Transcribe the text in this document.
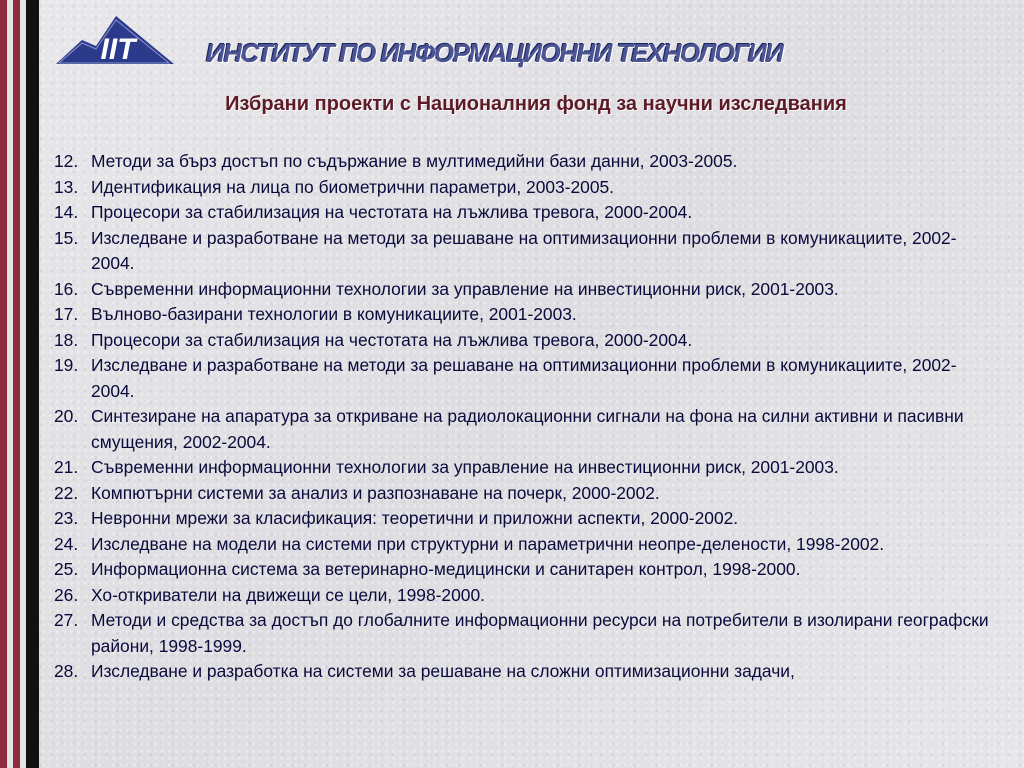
IIT	ИНСТИТУТ ПО ИНФОРМАЦИОННИ ТЕХНОЛОГИИ
Избрани проекти с Националния фонд за научни изследвания
12. Методи за бърз достъп по съдържание в мултимедийни бази данни, 2003-2005.
13. Идентификация на лица по биометрични параметри, 2003-2005.
14. Процесори за стабилизация на честотата на лъжлива тревога, 2000-2004.
15. Изследване и разработване на методи за решаване на оптимизационни проблеми в комуникациите, 2002-2004.
16. Съвременни информационни технологии за управление на инвестиционни риск, 2001-2003.
17. Вълново-базирани технологии в комуникациите, 2001-2003.
18. Процесори за стабилизация на честотата на лъжлива тревога, 2000-2004.
19. Изследване и разработване на методи за решаване на оптимизационни проблеми в комуникациите, 2002-2004.
20. Синтезиране на апаратура за откриване на радиолокационни сигнали на фона на силни активни и пасивни смущения, 2002-2004.
21. Съвременни информационни технологии за управление на инвестиционни риск, 2001-2003.
22. Компютърни системи за анализ и разпознаване на почерк, 2000-2002.
23. Невронни мрежи за класификация: теоретични и приложни аспекти, 2000-2002.
24. Изследване на модели на системи при структурни и параметрични неопре-делености, 1998-2002.
25. Информационна система за ветеринарно-медицински и санитарен контрол, 1998-2000.
26. Хо-откриватели на движещи се цели, 1998-2000.
27. Методи и средства за достъп до глобалните информационни ресурси на потребители в изолирани географски райони, 1998-1999.
28. Изследване и разработка на системи за решаване на сложни оптимизационни задачи,
